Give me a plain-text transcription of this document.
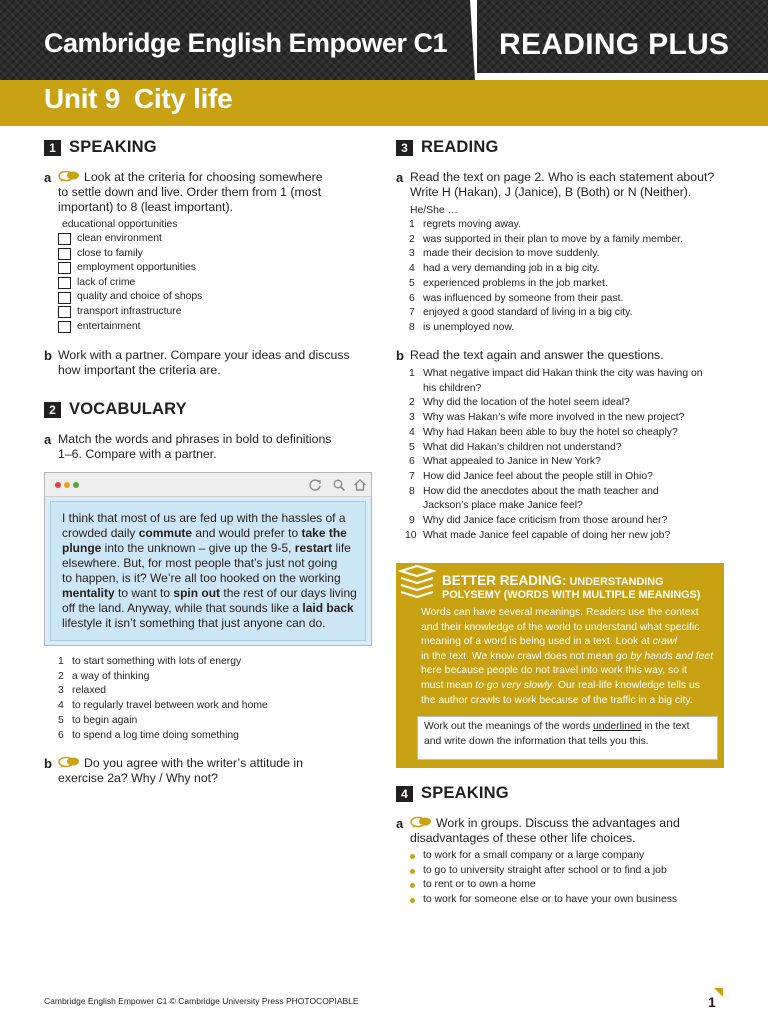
Cambridge English Empower C1 READING PLUS
Unit 9 City life
1 SPEAKING
a	Look at the criteria for choosing somewhere
to settle down and live. Order them from 1 (most
important) to 8 (least important).
educational opportunities
clean environment
close to family
employment opportunities
lack of crime
quality and choice of shops
transport infrastructure
entertainment
b Work with a partner. Compare your ideas and discuss
how important the criteria are.
2 VOCABULARY
a Match the words and phrases in bold to definitions
1–6. Compare with a partner.
I think that most of us are fed up with the hassles of a
crowded daily commute and would prefer to take the
plunge into the unknown – give up the 9-5, restart life
elsewhere. But, for most people that’s just not going
to happen, is it? We’re all too hooked on the working
mentality to want to spin out the rest of our days living
off the land. Anyway, while that sounds like a laid back
lifestyle it isn’t something that just anyone can do.
1 to start something with lots of energy
2 a way of thinking
3 relaxed
4 to regularly travel between work and home
5 to begin again
6 to spend a log time doing something
b	Do you agree with the writer’s attitude in
exercise 2a? Why / Why not?
3 READING
a Read the text on page 2. Who is each statement about?
Write H (Hakan), J (Janice), B (Both) or N (Neither).
He/She …
1 regrets moving away.
2 was supported in their plan to move by a family member.
3 made their decision to move suddenly.
4 had a very demanding job in a big city.
5 experienced problems in the job market.
6 was influenced by someone from their past.
7 enjoyed a good standard of living in a big city.
8 is unemployed now.
b Read the text again and answer the questions.
1 What negative impact did Hakan think the city was having on
his children?
2 Why did the location of the hotel seem ideal?
3 Why was Hakan’s wife more involved in the new project?
4 Why had Hakan been able to buy the hotel so cheaply?
5 What did Hakan’s children not understand?
6 What appealed to Janice in New York?
7 How did Janice feel about the people still in Ohio?
8 How did the anecdotes about the math teacher and
Jackson’s place make Janice feel?
9 Why did Janice face criticism from those around her?
10 What made Janice feel capable of doing her new job?
BETTER READING: UNDERSTANDING
POLYSEMY (WORDS WITH MULTIPLE MEANINGS)
Words can have several meanings. Readers use the context
and their knowledge of the world to understand what specific
meaning of a word is being used in a text. Look at crawl
in the text. We know crawl does not mean go by hands and feet
here because people do not travel into work this way, so it
must mean to go very slowly. Our real-life knowledge tells us
the author crawls to work because of the traffic in a big city.
Work out the meanings of the words underlined in the text
and write down the information that tells you this.
4 SPEAKING
a	Work in groups. Discuss the advantages and
disadvantages of these other life choices.
to work for a small company or a large company
to go to university straight after school or to find a job
to rent or to own a home
to work for someone else or to have your own business
Cambridge English Empower C1 © Cambridge University Press PHOTOCOPIABLE	1
